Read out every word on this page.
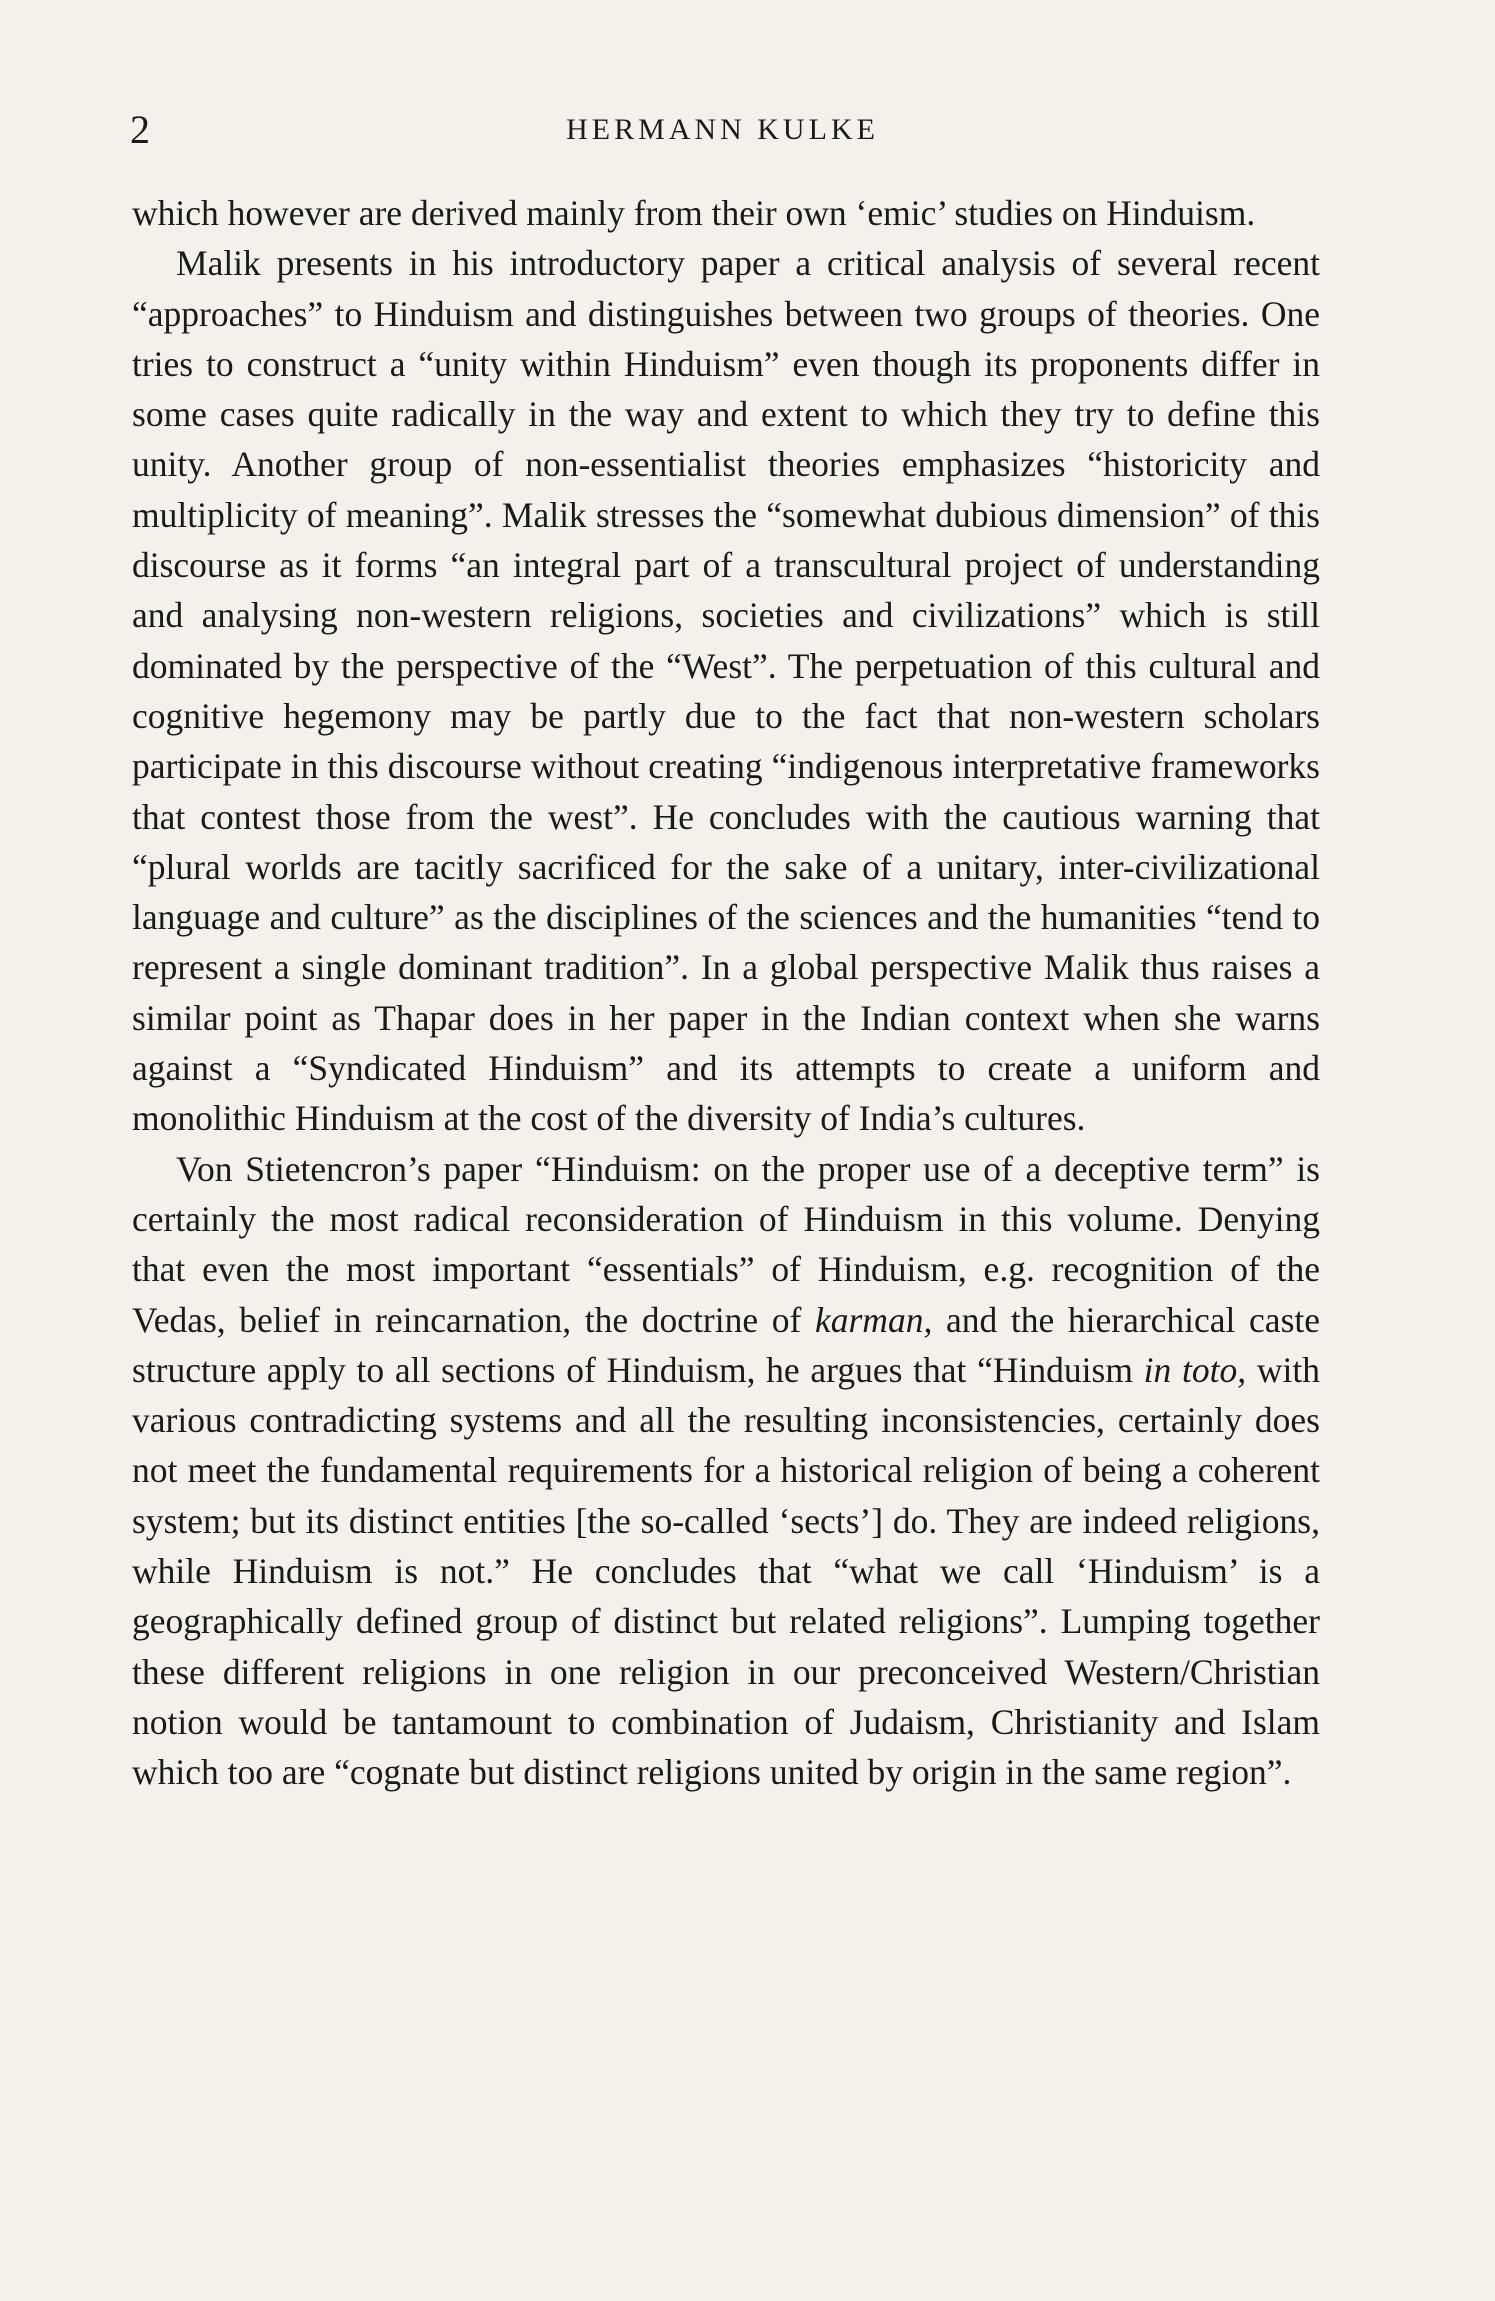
2	HERMANN KULKE

which however are derived mainly from their own ‘emic’ studies on Hinduism.

Malik presents in his introductory paper a critical analysis of several recent “approaches” to Hinduism and distinguishes between two groups of theories. One tries to construct a “unity within Hinduism” even though its proponents differ in some cases quite radically in the way and extent to which they try to define this unity. Another group of non-essentialist theories emphasizes “historicity and multiplicity of meaning”. Malik stresses the “somewhat dubious dimension” of this discourse as it forms “an integral part of a transcultural project of understanding and analysing non-western religions, societies and civilizations” which is still dominated by the perspective of the “West”. The perpetuation of this cultural and cognitive hegemony may be partly due to the fact that non-western scholars participate in this discourse without creating “indigenous interpretative frameworks that contest those from the west”. He concludes with the cautious warning that “plural worlds are tacitly sacrificed for the sake of a unitary, inter-civilizational language and culture” as the disciplines of the sciences and the humanities “tend to represent a single dominant tradition”. In a global perspective Malik thus raises a similar point as Thapar does in her paper in the Indian context when she warns against a “Syndicated Hinduism” and its attempts to create a uniform and monolithic Hinduism at the cost of the diversity of India’s cultures.

Von Stietencron’s paper “Hinduism: on the proper use of a deceptive term” is certainly the most radical reconsideration of Hinduism in this volume. Denying that even the most important “essentials” of Hinduism, e.g. recognition of the Vedas, belief in reincarnation, the doctrine of karman, and the hierarchical caste structure apply to all sections of Hinduism, he argues that “Hinduism in toto, with various contradicting systems and all the resulting inconsistencies, certainly does not meet the fundamental requirements for a historical religion of being a coherent system; but its distinct entities [the so-called ‘sects’] do. They are indeed religions, while Hinduism is not.” He concludes that “what we call ‘Hinduism’ is a geographically defined group of distinct but related religions”. Lumping together these different religions in one religion in our preconceived Western/Christian notion would be tantamount to combination of Judaism, Christianity and Islam which too are “cognate but distinct religions united by origin in the same region”.
